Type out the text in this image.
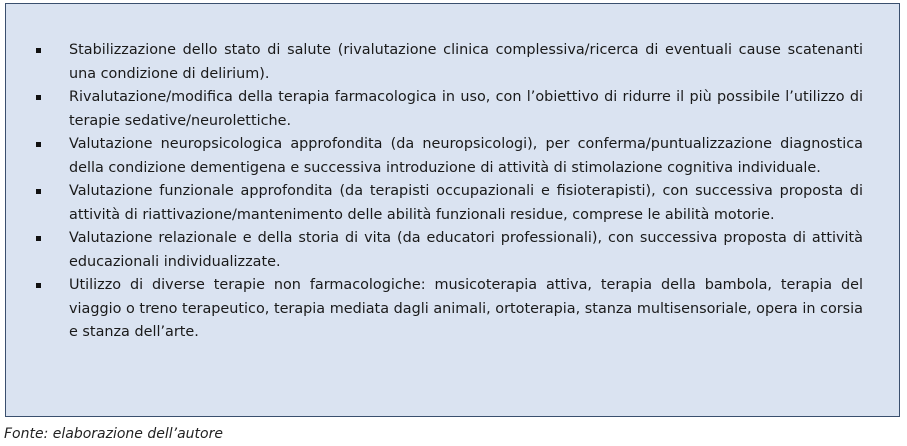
Stabilizzazione dello stato di salute (rivalutazione clinica complessiva/ricerca di eventuali cause scatenanti una condizione di delirium).
Rivalutazione/modifica della terapia farmacologica in uso, con l’obiettivo di ridurre il più possibile l’utilizzo di terapie sedative/neurolettiche.
Valutazione neuropsicologica approfondita (da neuropsicologi), per conferma/puntualizzazione diagnostica della condizione dementigena e successiva introduzione di attività di stimolazione cognitiva individuale.
Valutazione funzionale approfondita (da terapisti occupazionali e fisioterapisti), con successiva proposta di attività di riattivazione/mantenimento delle abilità funzionali residue, comprese le abilità motorie.
Valutazione relazionale e della storia di vita (da educatori professionali), con successiva proposta di attività educazionali individualizzate.
Utilizzo di diverse terapie non farmacologiche: musicoterapia attiva, terapia della bambola, terapia del viaggio o treno terapeutico, terapia mediata dagli animali, ortoterapia, stanza multisensoriale, opera in corsia e stanza dell’arte.
Fonte: elaborazione dell’autore
